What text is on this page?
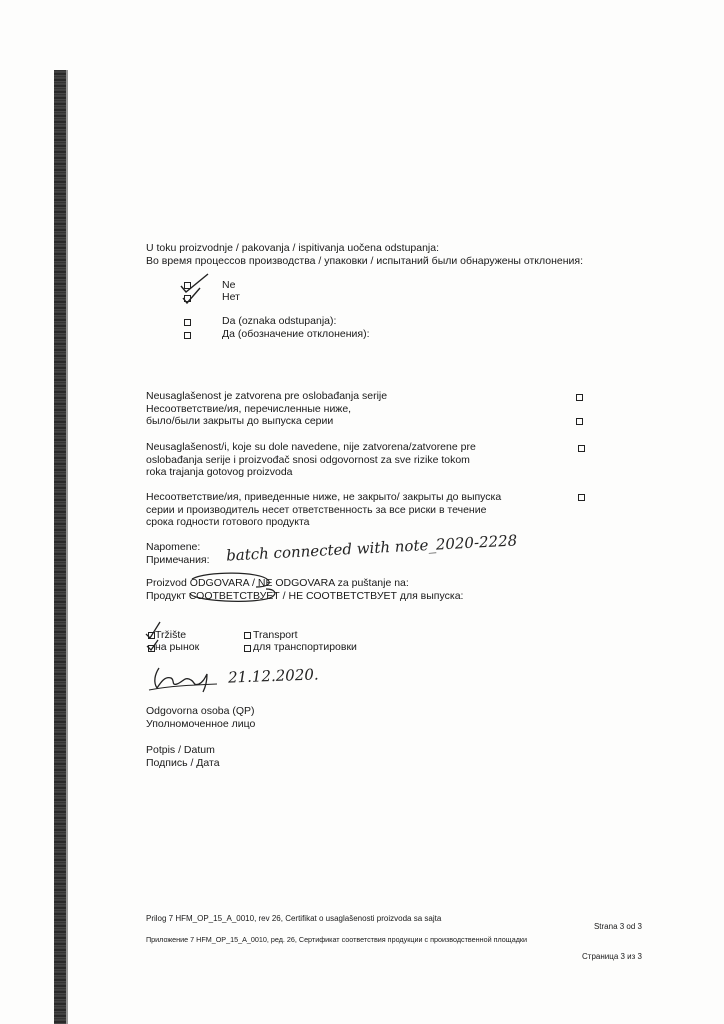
U toku proizvodnje / pakovanja / ispitivanja uočena odstupanja:

Во время процессов производства / упаковки / испытаний были обнаружены отклонения:

Ne

Нет

Da (oznaka odstupanja):

Да (обозначение отклонения):

Neusaglašenost je zatvorena pre oslobađanja serije
Несоответствие/ия, перечисленные ниже,
было/были закрыты до выпуска серии
Neusaglašenost/i, koje su dole navedene, nije zatvorena/zatvorene pre
oslobađanja serije i proizvođač snosi odgovornost za sve rizike tokom
roka trajanja gotovog proizvoda
Несоответствие/ия, приведенные ниже, не закрыто/ закрыты до выпуска
серии и производитель несет ответственность за все риски в течение
срока годности готового продукта

Napomene:

Примечания: batch connected with note_2020-2228

Proizvod ODGOVARA / NE ODGOVARA za puštanje na:

Продукт СООТВЕТСТВУЕТ / НЕ СООТВЕТСТВУЕТ для выпуска:

Tržište

на рынок

Transport

для транспортировки

21.12.2020.

Odgovorna osoba (QP)

Уполномоченное лицо

Potpis / Datum

Подпись / Дата

Prilog 7 HFM_OP_15_A_0010, rev 26, Certifikat o usaglašenosti proizvoda sa sajta

Strana 3 od 3

Приложение 7 HFM_OP_15_A_0010, ред. 26, Сертификат соответствия продукции с производственной площадки

Страница 3 из 3
